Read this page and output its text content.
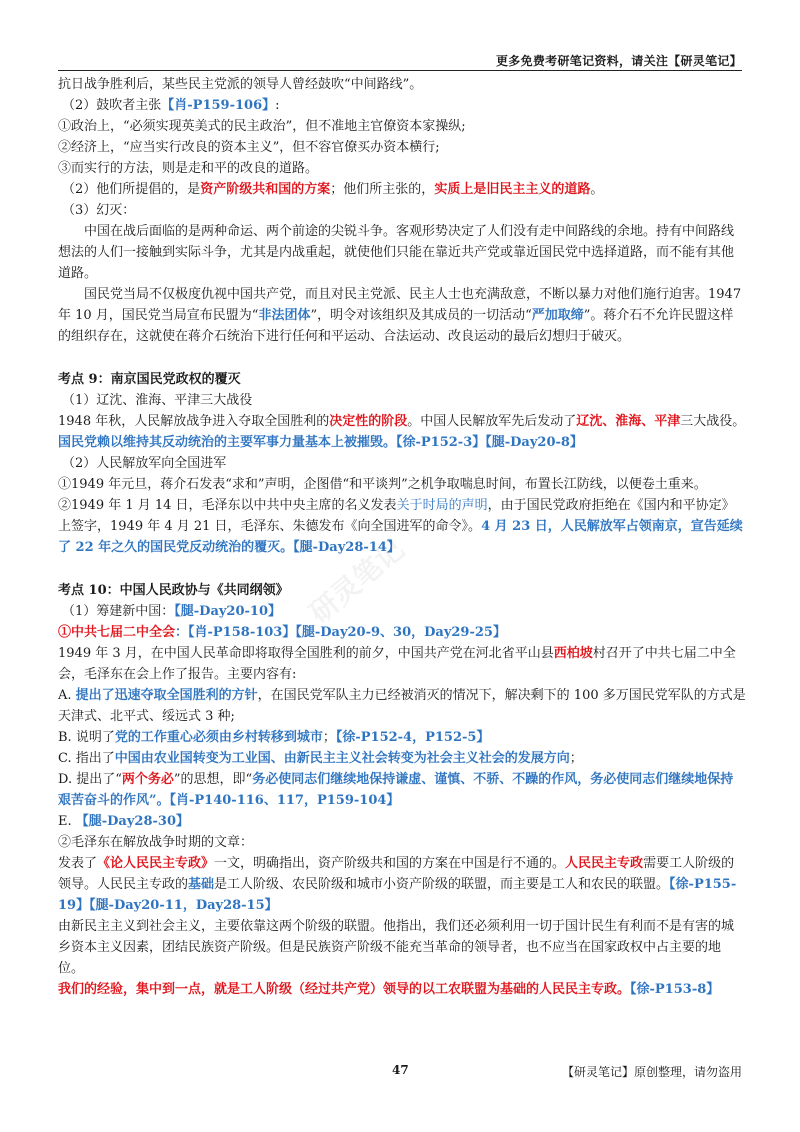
更多免费考研笔记资料，请关注【研灵笔记】
研灵笔记

抗日战争胜利后，某些民主党派的领导人曾经鼓吹“中间路线”。

（2）鼓吹者主张【肖-P159-106】:

①政治上，“必须实现英美式的民主政治”，但不准地主官僚资本家操纵;

②经济上，“应当实行改良的资本主义”，但不容官僚买办资本横行;

③而实行的方法，则是走和平的改良的道路。

（2）他们所提倡的，是资产阶级共和国的方案；他们所主张的，实质上是旧民主主义的道路。

（3）幻灭：

中国在战后面临的是两种命运、两个前途的尖锐斗争。客观形势决定了人们没有走中间路线的余地。持有中间路线想法的人们一接触到实际斗争，尤其是内战重起，就使他们只能在靠近共产党或靠近国民党中选择道路，而不能有其他道路。

国民党当局不仅极度仇视中国共产党，而且对民主党派、民主人士也充满敌意，不断以暴力对他们施行迫害。1947 年 10 月，国民党当局宣布民盟为“非法团体”，明令对该组织及其成员的一切活动“严加取缔”。蒋介石不允许民盟这样的组织存在，这就使在蒋介石统治下进行任何和平运动、合法运动、改良运动的最后幻想归于破灭。

考点 9：南京国民党政权的覆灭

（1）辽沈、淮海、平津三大战役

1948 年秋，人民解放战争进入夺取全国胜利的决定性的阶段。中国人民解放军先后发动了辽沈、淮海、平津三大战役。国民党赖以维持其反动统治的主要军事力量基本上被摧毁。【徐-P152-3】【腿-Day20-8】

（2）人民解放军向全国进军

①1949 年元旦，蒋介石发表“求和”声明，企图借“和平谈判”之机争取喘息时间，布置长江防线，以便卷土重来。

②1949 年 1 月 14 日，毛泽东以中共中央主席的名义发表关于时局的声明，由于国民党政府拒绝在《国内和平协定》上签字，1949 年 4 月 21 日，毛泽东、朱德发布《向全国进军的命令》。4 月 23 日，人民解放军占领南京，宣告延续了 22 年之久的国民党反动统治的覆灭。【腿-Day28-14】

考点 10：中国人民政协与《共同纲领》

（1）筹建新中国：【腿-Day20-10】

①中共七届二中全会：【肖-P158-103】【腿-Day20-9、30，Day29-25】

1949 年 3 月，在中国人民革命即将取得全国胜利的前夕，中国共产党在河北省平山县西柏坡村召开了中共七届二中全会，毛泽东在会上作了报告。主要内容有:

A. 提出了迅速夺取全国胜利的方针，在国民党军队主力已经被消灭的情况下，解决剩下的 100 多万国民党军队的方式是天津式、北平式、绥远式 3 种;

B. 说明了党的工作重心必须由乡村转移到城市；【徐-P152-4，P152-5】

C. 指出了中国由农业国转变为工业国、由新民主主义社会转变为社会主义社会的发展方向；

D. 提出了“两个务必”的思想，即“务必使同志们继续地保持谦虚、谨慎、不骄、不躁的作风，务必使同志们继续地保持艰苦奋斗的作风”。【肖-P140-116、117，P159-104】

E. 【腿-Day28-30】

②毛泽东在解放战争时期的文章：

发表了《论人民民主专政》一文，明确指出，资产阶级共和国的方案在中国是行不通的。人民民主专政需要工人阶级的领导。人民民主专政的基础是工人阶级、农民阶级和城市小资产阶级的联盟，而主要是工人和农民的联盟。【徐-P155-19】【腿-Day20-11，Day28-15】

由新民主主义到社会主义，主要依靠这两个阶级的联盟。他指出，我们还必须利用一切于国计民生有利而不是有害的城乡资本主义因素，团结民族资产阶级。但是民族资产阶级不能充当革命的领导者，也不应当在国家政权中占主要的地位。

我们的经验，集中到一点，就是工人阶级（经过共产党）领导的以工农联盟为基础的人民民主专政。【徐-P153-8】

47	【研灵笔记】原创整理，请勿盗用
